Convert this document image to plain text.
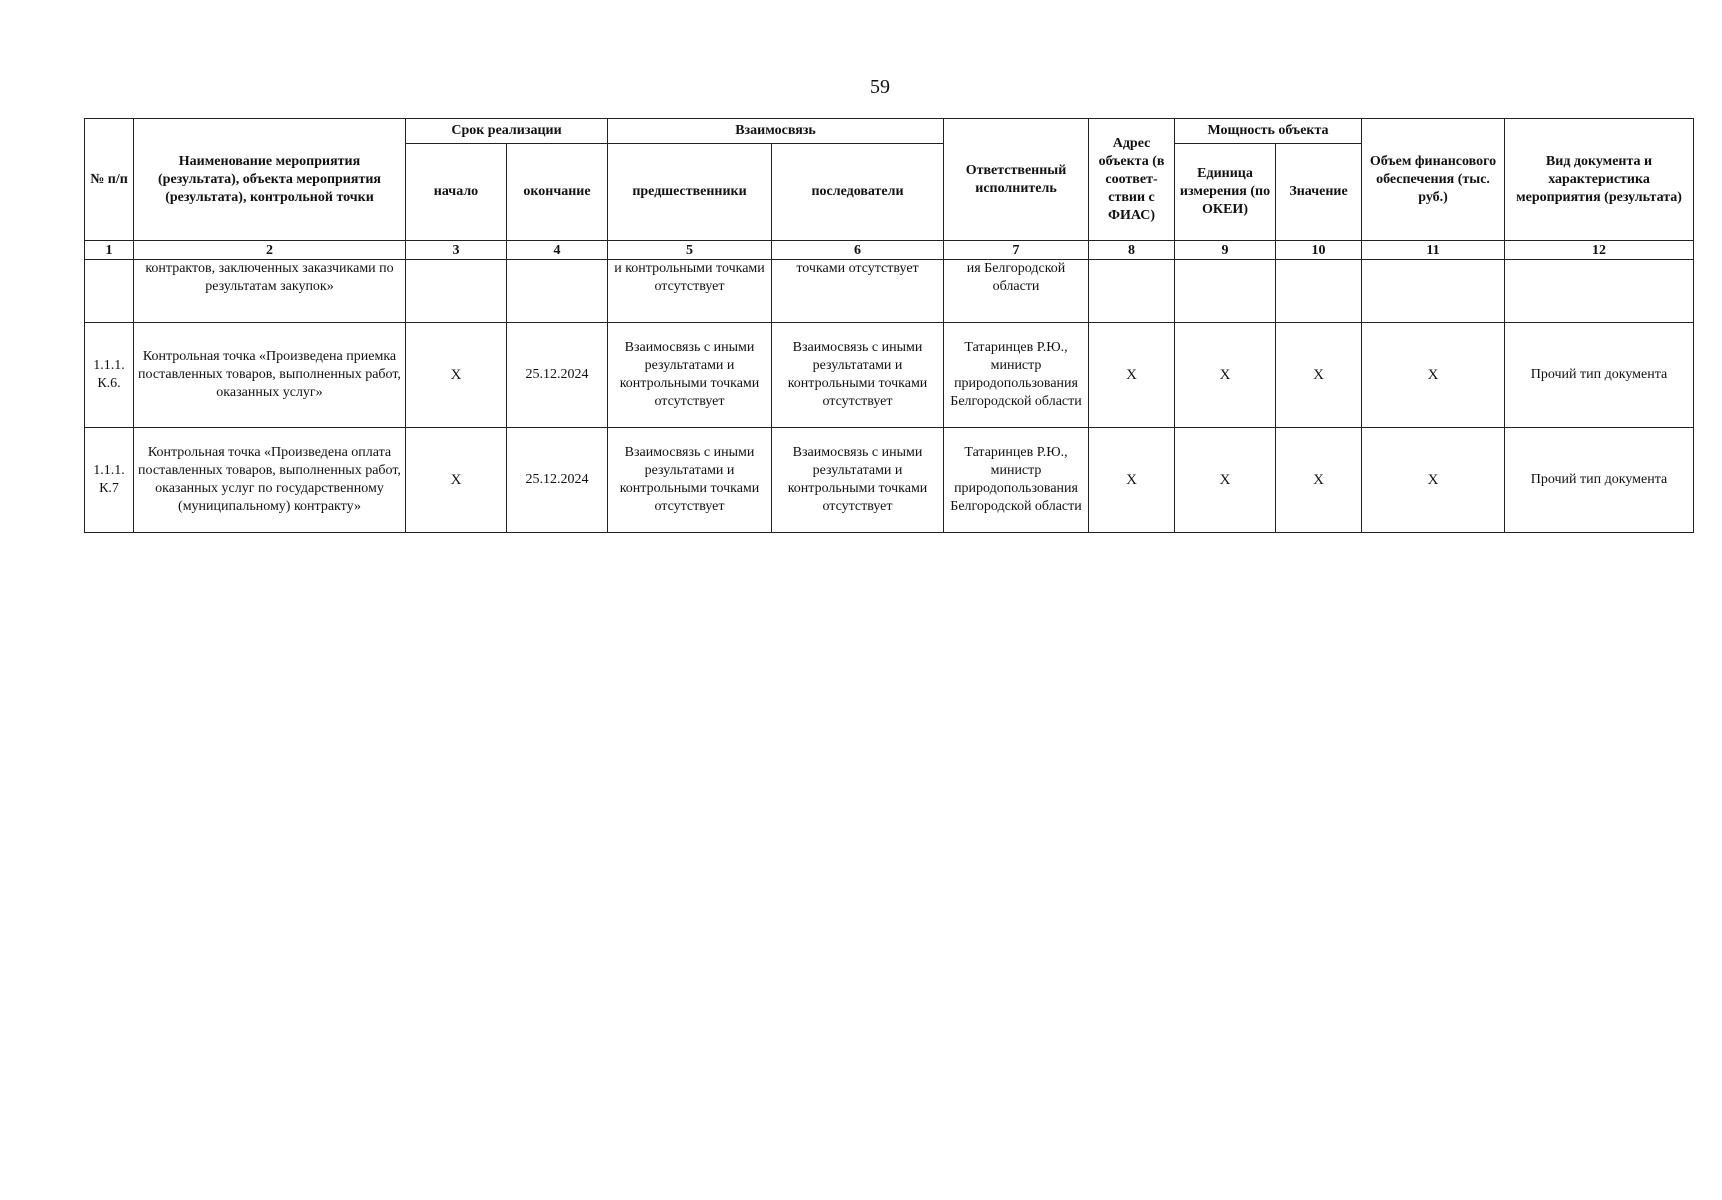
59
№ п/п	Наименование мероприятия (результата), объекта мероприятия (результата), контрольной точки	Срок реализации		Взаимосвязь		Ответственный исполнитель	Адрес объекта (в соответ-ствии с ФИАС)	Мощность объекта		Объем финансового обеспечения (тыс. руб.)	Вид документа и характеристика мероприятия (результата)
		начало	окончание	предшественники	последователи			Единица измерения (по ОКЕИ)	Значение		
1	2	3	4	5	6	7	8	9	10	11	12
	контрактов, заключенных заказчиками по результатам закупок»			и контрольными точками отсутствует	точками отсутствует	ия Белгородской области					
1.1.1. К.6.	Контрольная точка «Произведена приемка поставленных товаров, выполненных работ, оказанных услуг»	X	25.12.2024	Взаимосвязь с иными результатами и контрольными точками отсутствует	Взаимосвязь с иными результатами и контрольными точками отсутствует	Татаринцев Р.Ю., министр природопользования Белгородской области	X	X	X	X	Прочий тип документа
1.1.1. К.7	Контрольная точка «Произведена оплата поставленных товаров, выполненных работ, оказанных услуг по государственному (муниципальному) контракту»	X	25.12.2024	Взаимосвязь с иными результатами и контрольными точками отсутствует	Взаимосвязь с иными результатами и контрольными точками отсутствует	Татаринцев Р.Ю., министр природопользования Белгородской области	X	X	X	X	Прочий тип документа
